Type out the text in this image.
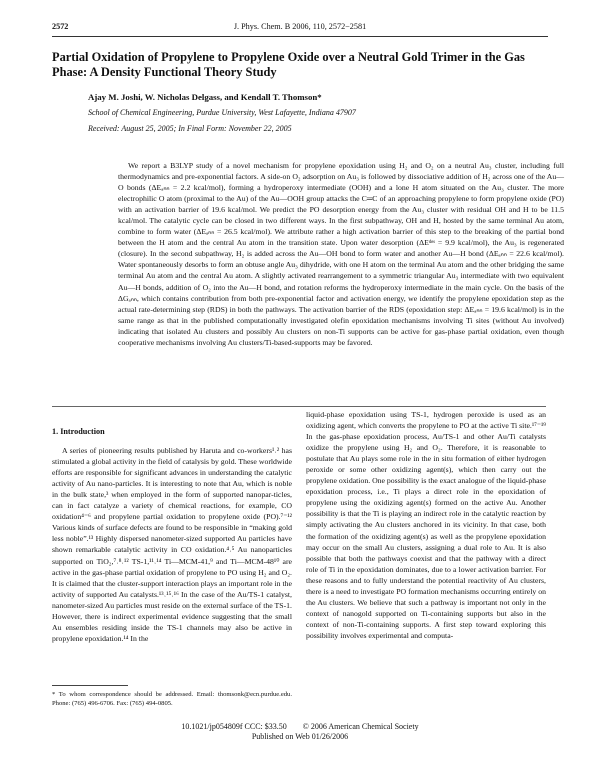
2572	J. Phys. Chem. B 2006, 110, 2572−2581
Partial Oxidation of Propylene to Propylene Oxide over a Neutral Gold Trimer in the Gas Phase: A Density Functional Theory Study
Ajay M. Joshi, W. Nicholas Delgass, and Kendall T. Thomson*
School of Chemical Engineering, Purdue University, West Lafayette, Indiana 47907
Received: August 25, 2005; In Final Form: November 22, 2005

We report a B3LYP study of a novel mechanism for propylene epoxidation using H₂ and O₂ on a neutral Au₃ cluster, including full thermodynamics and pre-exponential factors. A side-on O₂ adsorption on Au₃ is followed by dissociative addition of H₂ across one of the Au—O bonds (ΔEₐₙₙ = 2.2 kcal/mol), forming a hydroperoxy intermediate (OOH) and a lone H atom situated on the Au₃ cluster. The more electrophilic O atom (proximal to the Au) of the Au—OOH group attacks the C═C of an approaching propylene to form propylene oxide (PO) with an activation barrier of 19.6 kcal/mol. We predict the PO desorption energy from the Au₃ cluster with residual OH and H to be 11.5 kcal/mol. The catalytic cycle can be closed in two different ways. In the first subpathway, OH and H, hosted by the same terminal Au atom, combine to form water (ΔEₐₙₙ = 26.5 kcal/mol). We attribute rather a high activation barrier of this step to the breaking of the partial bond between the H atom and the central Au atom in the transition state. Upon water desorption (ΔEᵈᵉˢ = 9.9 kcal/mol), the Au₃ is regenerated (closure). In the second subpathway, H₂ is added across the Au—OH bond to form water and another Au—H bond (ΔEₐₙₙ = 22.6 kcal/mol). Water spontaneously desorbs to form an obtuse angle Au₃ dihydride, with one H atom on the terminal Au atom and the other bridging the same terminal Au atom and the central Au atom. A slightly activated rearrangement to a symmetric triangular Au₃ intermediate with two equivalent Au—H bonds, addition of O₂ into the Au—H bond, and rotation reforms the hydroperoxy intermediate in the main cycle. On the basis of the ΔGₐₙₙ, which contains contribution from both pre-exponential factor and activation energy, we identify the propylene epoxidation step as the actual rate-determining step (RDS) in both the pathways. The activation barrier of the RDS (epoxidation step: ΔEₐₙₙ = 19.6 kcal/mol) is in the same range as that in the published computationally investigated olefin epoxidation mechanisms involving Ti sites (without Au involved) indicating that isolated Au clusters and possibly Au clusters on non-Ti supports can be active for gas-phase partial oxidation, even though cooperative mechanisms involving Au clusters/Ti-based-supports may be favored.

1. Introduction

A series of pioneering results published by Haruta and co-workers¹˒² has stimulated a global activity in the field of catalysis by gold. These worldwide efforts are responsible for significant advances in understanding the catalytic activity of Au nano-particles. It is interesting to note that Au, which is noble in the bulk state,³ when employed in the form of supported nanopar-ticles, can in fact catalyze a variety of chemical reactions, for example, CO oxidation⁴⁻⁶ and propylene partial oxidation to propylene oxide (PO).⁷⁻¹² Various kinds of surface defects are found to be responsible in “making gold less noble”.¹³ Highly dispersed nanometer-sized supported Au particles have shown remarkable catalytic activity in CO oxidation.⁴˒⁵ Au nanoparticles supported on TiO₂,⁷˒⁸˒¹² TS-1,¹¹˒¹⁴ Ti—MCM-41,⁹ and Ti—MCM-48¹⁰ are active in the gas-phase partial oxidation of propylene to PO using H₂ and O₂. It is claimed that the cluster-support interaction plays an important role in the activity of supported Au catalysts.¹³˒¹⁵˒¹⁶ In the case of the Au/TS-1 catalyst, nanometer-sized Au particles must reside on the external surface of the TS-1. However, there is indirect experimental evidence suggesting that the small Au ensembles residing inside the TS-1 channels may also be active in propylene epoxidation.¹⁴ In the

liquid-phase epoxidation using TS-1, hydrogen peroxide is used as an oxidizing agent, which converts the propylene to PO at the active Ti site.¹⁷⁻¹⁹ In the gas-phase epoxidation process, Au/TS-1 and other Au/Ti catalysts oxidize the propylene using H₂ and O₂. Therefore, it is reasonable to postulate that Au plays some role in the in situ formation of either hydrogen peroxide or some other oxidizing agent(s), which then carry out the propylene oxidation. One possibility is the exact analogue of the liquid-phase epoxidation process, i.e., Ti plays a direct role in the epoxidation of propylene using the oxidizing agent(s) formed on the active Au. Another possibility is that the Ti is playing an indirect role in the catalytic reaction by simply activating the Au clusters anchored in its vicinity. In that case, both the formation of the oxidizing agent(s) as well as the propylene epoxidation may occur on the small Au clusters, assigning a dual role to Au. It is also possible that both the pathways coexist and that the pathway with a direct role of Ti in the epoxidation dominates, due to a lower activation barrier. For these reasons and to fully understand the potential reactivity of Au clusters, there is a need to investigate PO formation mechanisms occurring entirely on the Au clusters. We believe that such a pathway is important not only in the context of nanogold supported on Ti-containing supports but also in the context of non-Ti-containing supports. A first step toward exploring this possibility involves experimental and computa-

* To whom correspondence should be addressed. Email: thomsonk@ecn.purdue.edu. Phone: (765) 496-6706. Fax: (765) 494-0805.
10.1021/jp054809f CCC: $33.50 © 2006 American Chemical Society
Published on Web 01/26/2006
